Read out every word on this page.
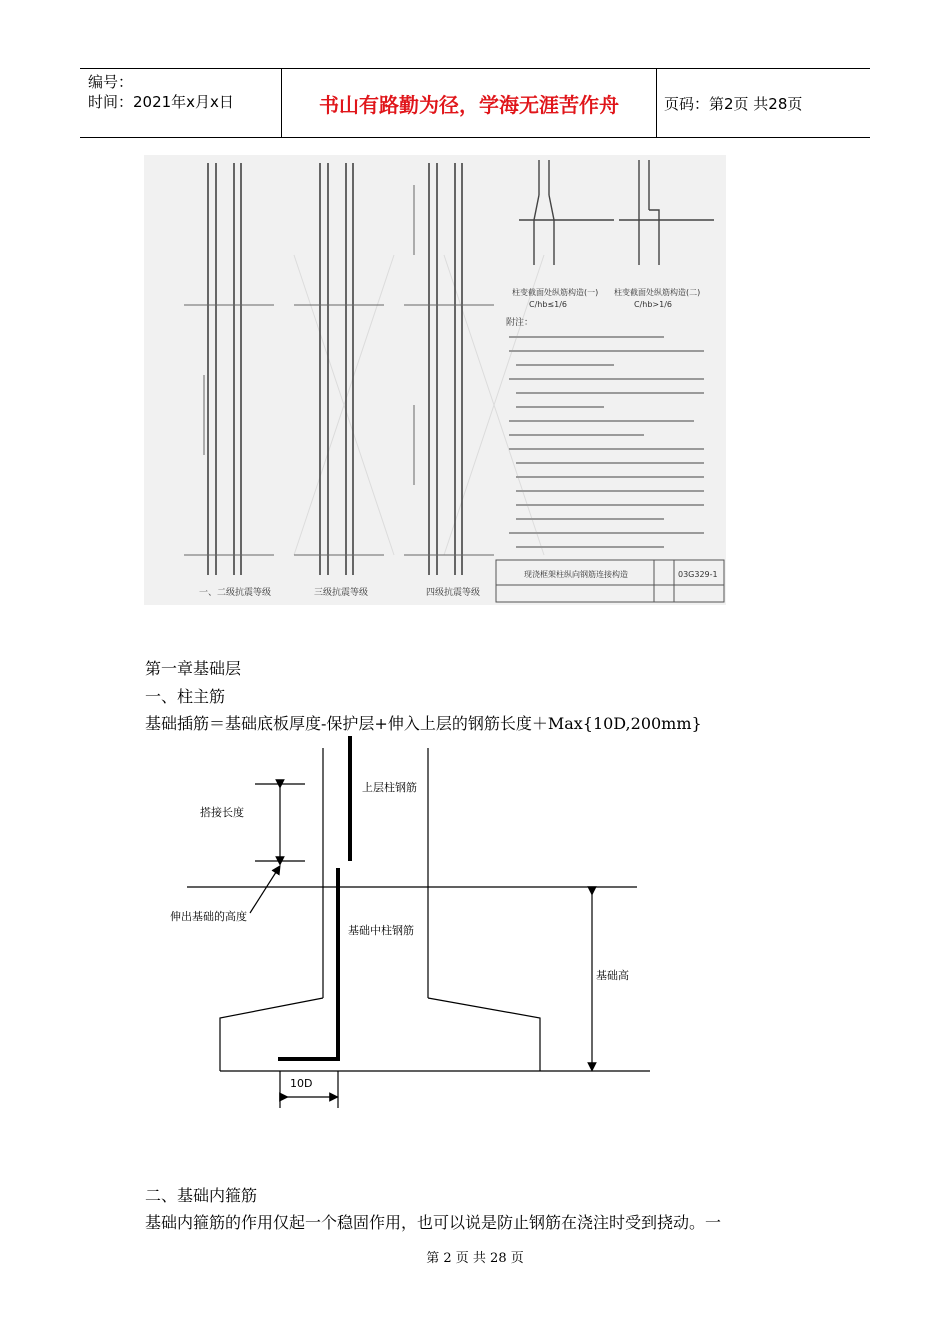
编号：
时间：2021年x月x日	书山有路勤为径，学海无涯苦作舟	页码：第2页 共28页
一、二级抗震等级	三级抗震等级	四级抗震等级
柱变截面处纵筋构造(一)
C/hb≤1/6
柱变截面处纵筋构造(二)
C/hb>1/6
附注：
现浇框架柱纵向钢筋连接构造	03G329-1
第一章基础层
一、柱主筋
基础插筋＝基础底板厚度-保护层+伸入上层的钢筋长度＋Max{10D,200mm}
上层柱钢筋
搭接长度
伸出基础的高度
基础中柱钢筋
基础高
10D
二、基础内箍筋
基础内箍筋的作用仅起一个稳固作用，也可以说是防止钢筋在浇注时受到挠动。一
第 2 页 共 28 页
